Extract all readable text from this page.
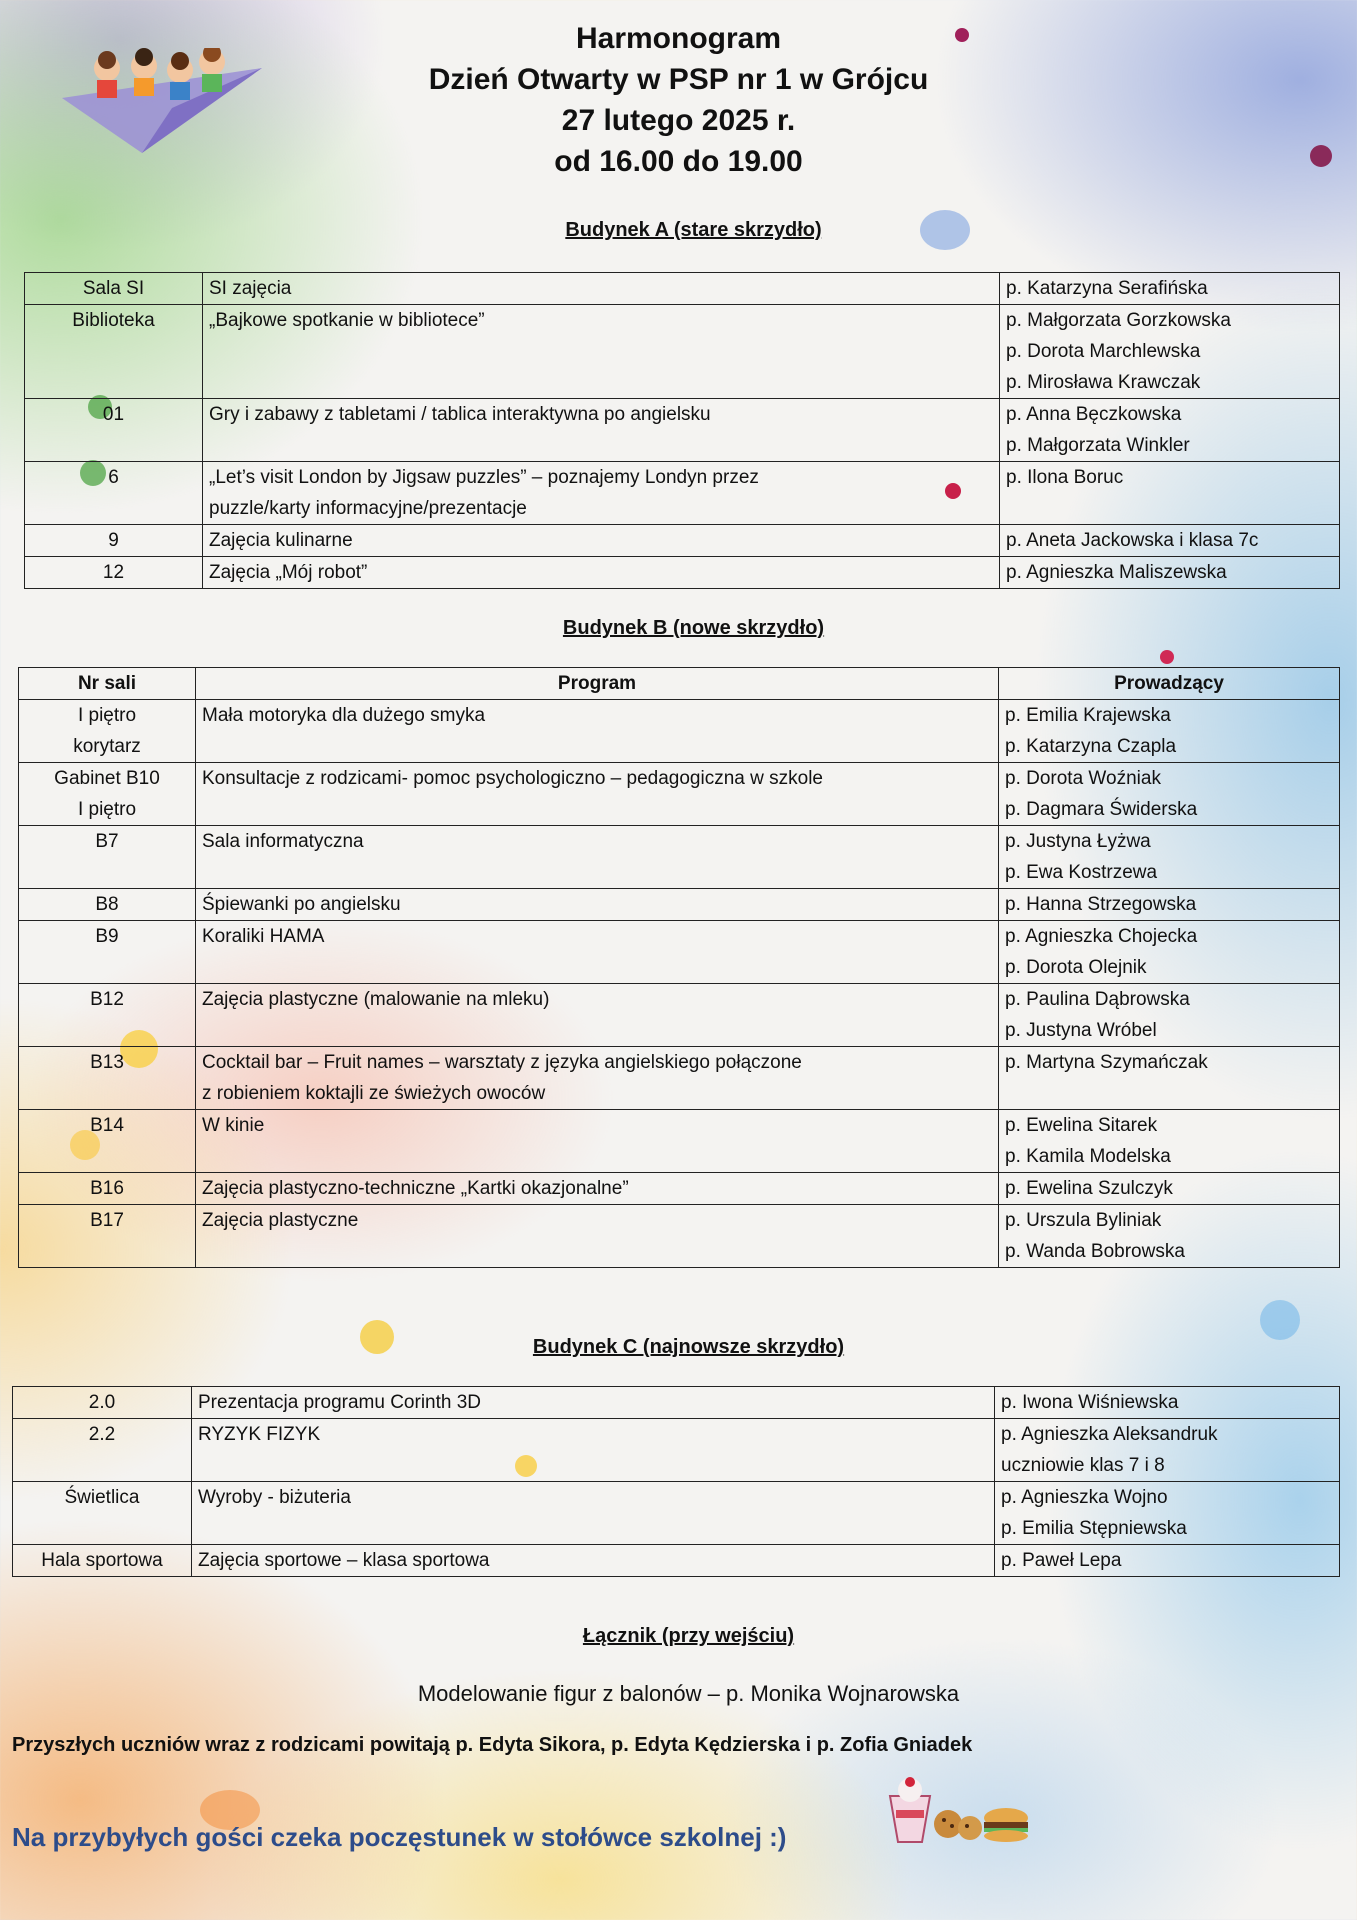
Harmonogram
Dzień Otwarty w PSP nr 1 w Grójcu
27 lutego 2025 r.
od 16.00 do 19.00
Budynek A (stare skrzydło)
Sala SI	SI zajęcia	p. Katarzyna Serafińska
Biblioteka	„Bajkowe spotkanie w bibliotece”	p. Małgorzata Gorzkowska
p. Dorota Marchlewska
p. Mirosława Krawczak
01	Gry i zabawy z tabletami / tablica interaktywna po angielsku	p. Anna Bęczkowska
p. Małgorzata Winkler
6	„Let’s visit London by Jigsaw puzzles” – poznajemy Londyn przez
puzzle/karty informacyjne/prezentacje	p. Ilona Boruc
9	Zajęcia kulinarne	p. Aneta Jackowska i klasa 7c
12	Zajęcia „Mój robot”	p. Agnieszka Maliszewska
Budynek B (nowe skrzydło)
Nr sali	Program	Prowadzący
I piętro
korytarz	Mała motoryka dla dużego smyka	p. Emilia Krajewska
p. Katarzyna Czapla
Gabinet B10
I piętro	Konsultacje z rodzicami- pomoc psychologiczno – pedagogiczna w szkole	p. Dorota Woźniak
p. Dagmara Świderska
B7	Sala informatyczna	p. Justyna Łyżwa
p. Ewa Kostrzewa
B8	Śpiewanki po angielsku	p. Hanna Strzegowska
B9	Koraliki HAMA	p. Agnieszka Chojecka
p. Dorota Olejnik
B12	Zajęcia plastyczne (malowanie na mleku)	p. Paulina Dąbrowska
p. Justyna Wróbel
B13	Cocktail bar – Fruit names – warsztaty z języka angielskiego połączone
z robieniem koktajli ze świeżych owoców	p. Martyna Szymańczak
B14	W kinie	p. Ewelina Sitarek
p. Kamila Modelska
B16	Zajęcia plastyczno-techniczne „Kartki okazjonalne”	p. Ewelina Szulczyk
B17	Zajęcia plastyczne	p. Urszula Byliniak
p. Wanda Bobrowska
Budynek C (najnowsze skrzydło)
2.0	Prezentacja programu Corinth 3D	p. Iwona Wiśniewska
2.2	RYZYK FIZYK	p. Agnieszka Aleksandruk
uczniowie klas 7 i 8
Świetlica	Wyroby - biżuteria	p. Agnieszka Wojno
p. Emilia Stępniewska
Hala sportowa	Zajęcia sportowe – klasa sportowa	p. Paweł Lepa
Łącznik (przy wejściu)
Modelowanie figur z balonów – p. Monika Wojnarowska
Przyszłych uczniów wraz z rodzicami powitają p. Edyta Sikora, p. Edyta Kędzierska i p. Zofia Gniadek
Na przybyłych gości czeka poczęstunek w stołówce szkolnej :)
